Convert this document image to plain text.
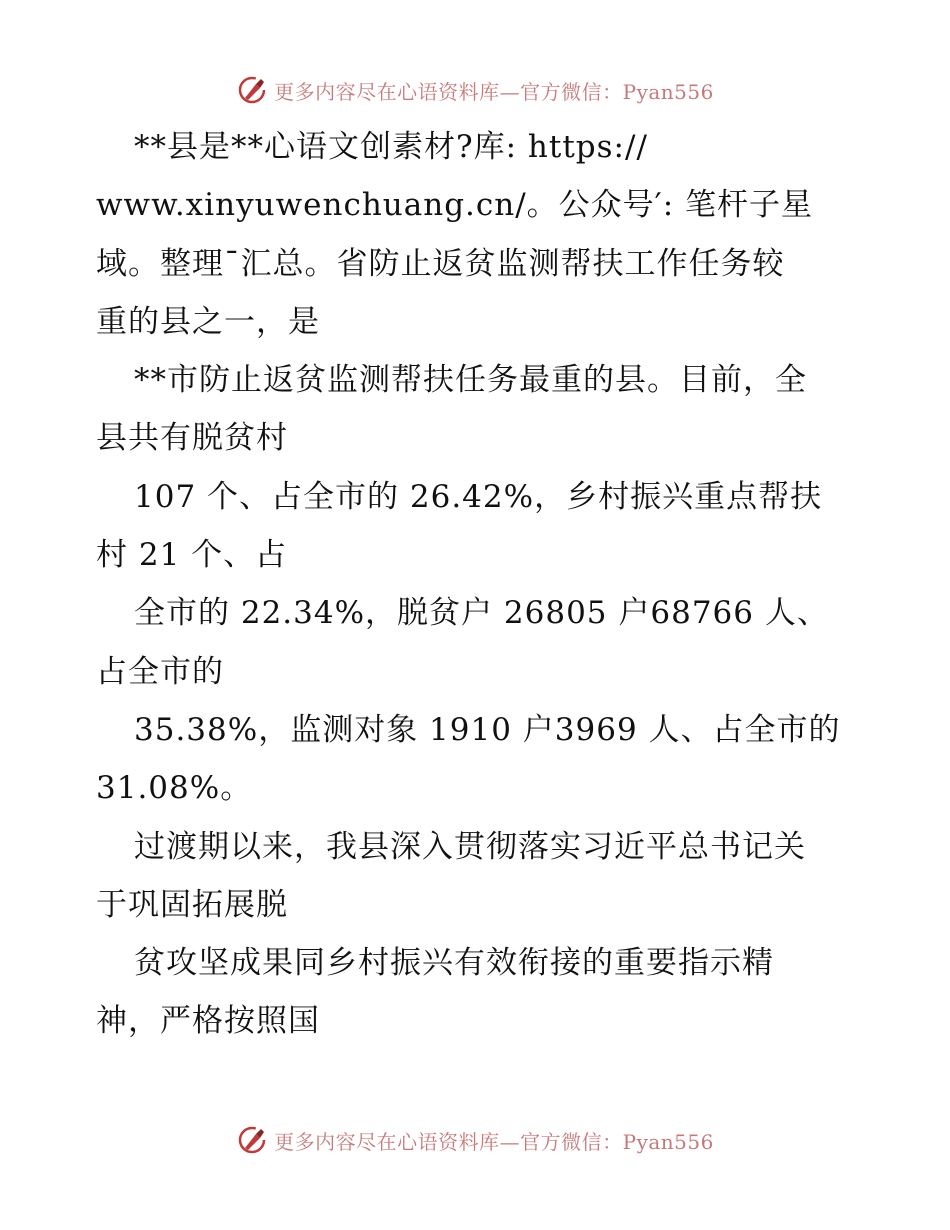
更多内容尽在心语资料库—官方微信：Pyan556
**县是**心语文创素材?库: https://
www.xinyuwenchuang.cn/。公众号′: 笔杆子星
域。整理¯汇总。省防止返贫监测帮扶工作任务较
重的县之一，是
**市防止返贫监测帮扶任务最重的县。目前，全
县共有脱贫村
107 个、占全市的 26.42%，乡村振兴重点帮扶
村 21 个、占
全市的 22.34%，脱贫户 26805 户68766 人、
占全市的
35.38%，监测对象 1910 户3969 人、占全市的
31.08%。
过渡期以来，我县深入贯彻落实习近平总书记关
于巩固拓展脱
贫攻坚成果同乡村振兴有效衔接的重要指示精
神，严格按照国
更多内容尽在心语资料库—官方微信：Pyan556
